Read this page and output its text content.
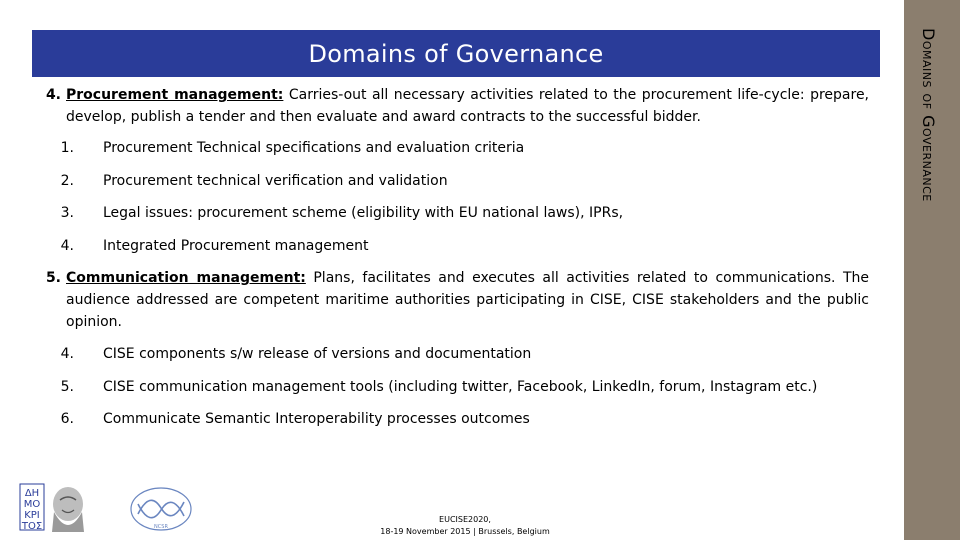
Domains of Governance
4. Procurement management: Carries-out all necessary activities related to the procurement life-cycle: prepare, develop, publish a tender and then evaluate and award contracts to the successful bidder.
1. Procurement Technical specifications and evaluation criteria
2. Procurement technical verification and validation
3. Legal issues: procurement scheme (eligibility with EU national laws), IPRs,
4. Integrated Procurement management
5. Communication management: Plans, facilitates and executes all activities related to communications. The audience addressed are competent maritime authorities participating in CISE, CISE stakeholders and the public opinion.
4. CISE components s/w release of versions and documentation
5. CISE communication management tools (including twitter, Facebook, LinkedIn, forum, Instagram etc.)
6. Communicate Semantic Interoperability processes outcomes
ΔΗ
ΜΟ
ΚΡΙ
ΤΟΣ	NCSR
EUCISE2020,
18-19 November 2015 | Brussels, Belgium
Domains of Governance
